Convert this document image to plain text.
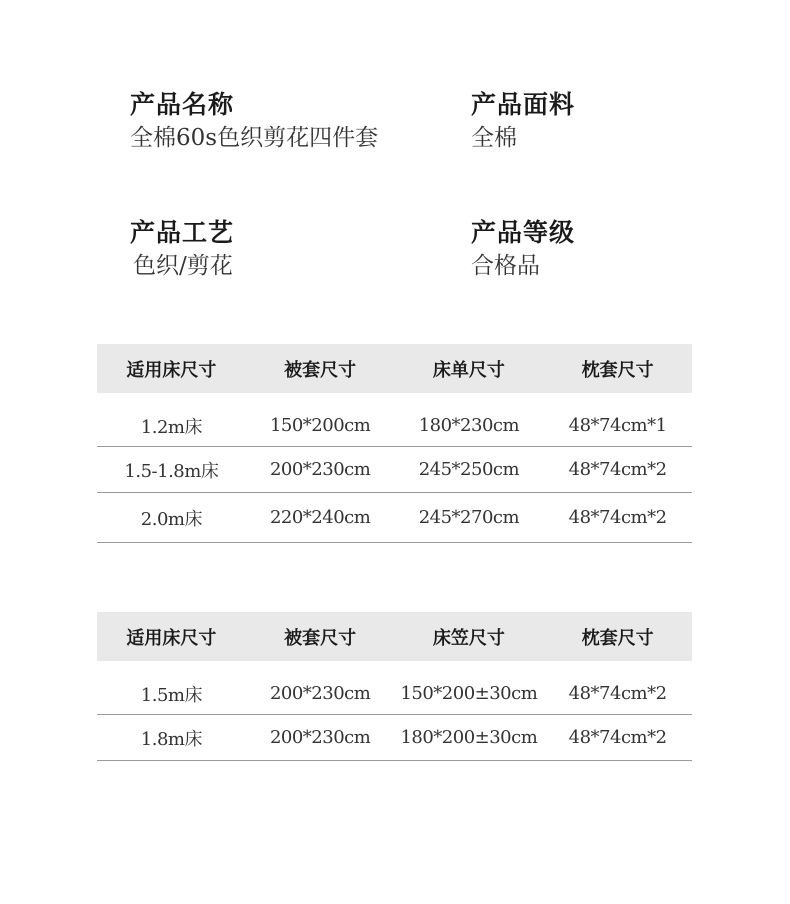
产品名称
全棉60s色织剪花四件套
产品面料
全棉
产品工艺
色织/剪花
产品等级
合格品
适用床尺寸	被套尺寸	床单尺寸	枕套尺寸
1.2m床	150*200cm	180*230cm	48*74cm*1
1.5-1.8m床	200*230cm	245*250cm	48*74cm*2
2.0m床	220*240cm	245*270cm	48*74cm*2
适用床尺寸	被套尺寸	床笠尺寸	枕套尺寸
1.5m床	200*230cm	150*200±30cm	48*74cm*2
1.8m床	200*230cm	180*200±30cm	48*74cm*2
